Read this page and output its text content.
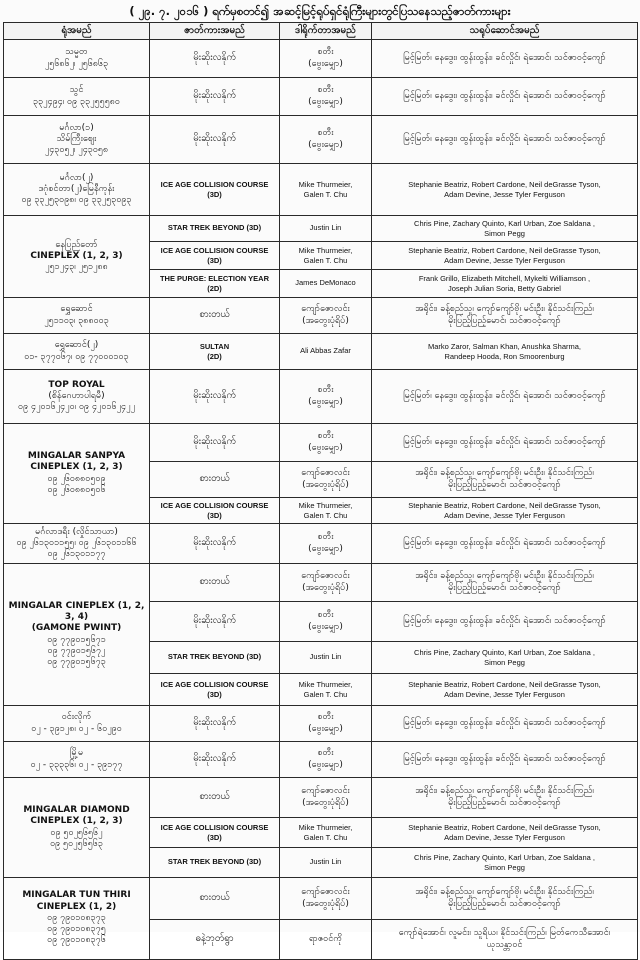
( ၂၉. ၇. ၂၀၁၆ ) ရက်မှစတင်၍ အဆင့်မြင့်ရုပ်ရှင်ရုံကြီးများတွင်ပြသနေသည့်ဇာတ်ကားများ
ရုံအမည်	ဇာတ်ကားအမည်	ဒါရိုက်တာအမည်	သရုပ်ဆောင်အမည်

သမ္မတ
၂၅၆၈၆၂၊ ၂၅၆၈၆၃	မိုးဆိုးလနိုက်	စတီး
(ဗွေးမျှော)	မြင့်မြတ်၊ နေဒွေး၊ ထွန်းထွန်း၊ ခင်လှိုင်၊ ရဲအောင်၊ သင်ဇာဝင့်ကျော်

သွင်
၃၃၂၄၉၄၊ ၀၉ ၃၃၂၅၅၅၈၀	မိုးဆိုးလနိုက်	စတီး
(ဗွေးမျှော)	မြင့်မြတ်၊ နေဒွေး၊ ထွန်းထွန်း၊ ခင်လှိုင်၊ ရဲအောင်၊ သင်ဇာဝင့်ကျော်

မင်္ဂလာ(၁)
သိမ်ကြီးဈေး
၂၄၃၀၅၂၊ ၂၄၃၀၅၈	မိုးဆိုးလနိုက်	စတီး
(ဗွေးမျှော)	မြင့်မြတ်၊ နေဒွေး၊ ထွန်းထွန်း၊ ခင်လှိုင်၊ ရဲအောင်၊ သင်ဇာဝင့်ကျော်

မင်္ဂလာ(၂)
ဒဂုံစင်တာ(၂)မြေနီကုန်း
၀၉ ၃၃၂၅၃၀၉၈၊ ၀၉ ၃၃၂၅၃၀၉၃	ICE AGE COLLISION COURSE
(3D)	Mike Thurmeier,
Galen T. Chu	Stephanie Beatriz, Robert Cardone, Neil deGrasse Tyson,
Adam Devine, Jesse Tyler Ferguson

နေပြည်တော်
CINEPLEX (1, 2, 3)
၂၅၁၂၄၃၊ ၂၅၁၂၈၈	STAR TREK BEYOND (3D)	Justin Lin	Chris Pine, Zachary Quinto, Karl Urban, Zoe Saldana ,
Simon Pegg

	ICE AGE COLLISION COURSE
(3D)	Mike Thurmeier,
Galen T. Chu	Stephanie Beatriz, Robert Cardone, Neil deGrasse Tyson,
Adam Devine, Jesse Tyler Ferguson

	THE PURGE: ELECTION YEAR
(2D)	James DeMonaco	Frank Grillo, Elizabeth Mitchell, Mykelti Williamson ,
Joseph Julian Soria, Betty Gabriel

ရွှေဆောင်
၂၅၁၁၀၃၊ ၃၈၈၀၀၃	စားတယ်	ကျော်ဇောလင်း
(အတွေးပုံရိပ်)	အရိုင်း၊ ခန့်စည်သူ၊ ကျော်ကျော်ဗို၊ မင်းဦး၊ နိုင်သင်းကြည်၊
မိုးပြည့်ပြည့်မောင်၊ သင်ဇာဝင့်ကျော်

ရွှေဆောင်(၂)
၀၁- ၃၇၇၀၆၇၊ ၀၉ ၇၇၀၀၀၁၀၃	SULTAN
(2D)	Ali Abbas Zafar	Marko Zaror, Salman Khan, Anushka Sharma,
Randeep Hooda, Ron Smoorenburg

TOP ROYAL
(စိန်ဂေဟာပါရမီ)
၀၉ ၄၂၀၁၆၂၄၂၀၊ ၀၉ ၄၂၀၁၆၂၄၂၂	မိုးဆိုးလနိုက်	စတီး
(ဗွေးမျှော)	မြင့်မြတ်၊ နေဒွေး၊ ထွန်းထွန်း၊ ခင်လှိုင်၊ ရဲအောင်၊ သင်ဇာဝင့်ကျော်

MINGALAR SANPYA
CINEPLEX (1, 2, 3)
၀၉ ၂၆၀၈၈၀၅၀၉
၀၉ ၂၆၀၈၈၀၅၀၆	မိုးဆိုးလနိုက်	စတီး
(ဗွေးမျှော)	မြင့်မြတ်၊ နေဒွေး၊ ထွန်းထွန်း၊ ခင်လှိုင်၊ ရဲအောင်၊ သင်ဇာဝင့်ကျော်
	စားတယ်	ကျော်ဇောလင်း
(အတွေးပုံရိပ်)	အရိုင်း၊ ခန့်စည်သူ၊ ကျော်ကျော်ဗို၊ မင်းဦး၊ နိုင်သင်းကြည်၊
မိုးပြည့်ပြည့်မောင်၊ သင်ဇာဝင့်ကျော်

	ICE AGE COLLISION COURSE
(3D)	Mike Thurmeier,
Galen T. Chu	Stephanie Beatriz, Robert Cardone, Neil deGrasse Tyson,
Adam Devine, Jesse Tyler Ferguson

မင်္ဂလာဒရီး (လှိုင်သာယာ)
၀၉ ၂၆၁၃၀၁၁၅၅၊ ၀၉ ၂၆၁၃၀၁၁၆၆
၀၉ ၂၆၁၃၀၁၁၇၇	မိုးဆိုးလနိုက်	စတီး
(ဗွေးမျှော)	မြင့်မြတ်၊ နေဒွေး၊ ထွန်းထွန်း၊ ခင်လှိုင်၊ ရဲအောင်၊ သင်ဇာဝင့်ကျော်

MINGALAR CINEPLEX (1, 2, 3, 4)
(GAMONE PWINT)
၀၉ ၇၇၉၀၁၅၆၇၁
၀၉ ၇၇၉၀၁၅၆၇၂
၀၉ ၇၇၉၀၁၅၆၇၃	စားတယ်	ကျော်ဇောလင်း
(အတွေးပုံရိပ်)	အရိုင်း၊ ခန့်စည်သူ၊ ကျော်ကျော်ဗို၊ မင်းဦး၊ နိုင်သင်းကြည်၊
မိုးပြည့်ပြည့်မောင်၊ သင်ဇာဝင့်ကျော်

	မိုးဆိုးလနိုက်	စတီး
(ဗွေးမျှော)	မြင့်မြတ်၊ နေဒွေး၊ ထွန်းထွန်း၊ ခင်လှိုင်၊ ရဲအောင်၊ သင်ဇာဝင့်ကျော်
	STAR TREK BEYOND (3D)	Justin Lin	Chris Pine, Zachary Quinto, Karl Urban, Zoe Saldana ,
Simon Pegg

	ICE AGE COLLISION COURSE
(3D)	Mike Thurmeier,
Galen T. Chu	Stephanie Beatriz, Robert Cardone, Neil deGrasse Tyson,
Adam Devine, Jesse Tyler Ferguson

ဝင်းလိုက်
၀၂ - ၃၉၁၂၈၊ ၀၂ - ၆၀၂၉၀	မိုးဆိုးလနိုက်	စတီး
(ဗွေးမျှော)	မြင့်မြတ်၊ နေဒွေး၊ ထွန်းထွန်း၊ ခင်လှိုင်၊ ရဲအောင်၊ သင်ဇာဝင့်ကျော်

မြို့မ
၀၂ - ၃၃၃၃၆၊ ၀၂ - ၃၉၁၇၇	မိုးဆိုးလနိုက်	စတီး
(ဗွေးမျှော)	မြင့်မြတ်၊ နေဒွေး၊ ထွန်းထွန်း၊ ခင်လှိုင်၊ ရဲအောင်၊ သင်ဇာဝင့်ကျော်

MINGALAR DIAMOND
CINEPLEX (1, 2, 3)
၀၉ ၅၀၂၅၆၅၆၂
၀၉ ၅၀၂၅၆၅၆၃	စားတယ်	ကျော်ဇောလင်း
(အတွေးပုံရိပ်)	အရိုင်း၊ ခန့်စည်သူ၊ ကျော်ကျော်ဗို၊ မင်းဦး၊ နိုင်သင်းကြည်၊
မိုးပြည့်ပြည့်မောင်၊ သင်ဇာဝင့်ကျော်

	ICE AGE COLLISION COURSE
(3D)	Mike Thurmeier,
Galen T. Chu	Stephanie Beatriz, Robert Cardone, Neil deGrasse Tyson,
Adam Devine, Jesse Tyler Ferguson

	STAR TREK BEYOND (3D)	Justin Lin	Chris Pine, Zachary Quinto, Karl Urban, Zoe Saldana ,
Simon Pegg

MINGALAR TUN THIRI
CINEPLEX (1, 2)
၀၉ ၇၉၀၁၀၈၃၇၃
၀၉ ၇၉၀၁၀၈၃၇၅
၀၉ ၇၉၀၁၀၈၃၇၆	စားတယ်	ကျော်ဇောလင်း
(အတွေးပုံရိပ်)	အရိုင်း၊ ခန့်စည်သူ၊ ကျော်ကျော်ဗို၊ မင်းဦး၊ နိုင်သင်းကြည်၊
မိုးပြည့်ပြည့်မောင်၊ သင်ဇာဝင့်ကျော်

	ဓနဲ့ဘုတ်ရွာ	ရာဇဝင်ကို	ကျော်ရဲအောင်၊ လူမင်း၊ သူရိယ၊ နိုင်သင်းကြည်၊ မြတ်ကေသီအောင်၊
ယုသန္တာဝင်
